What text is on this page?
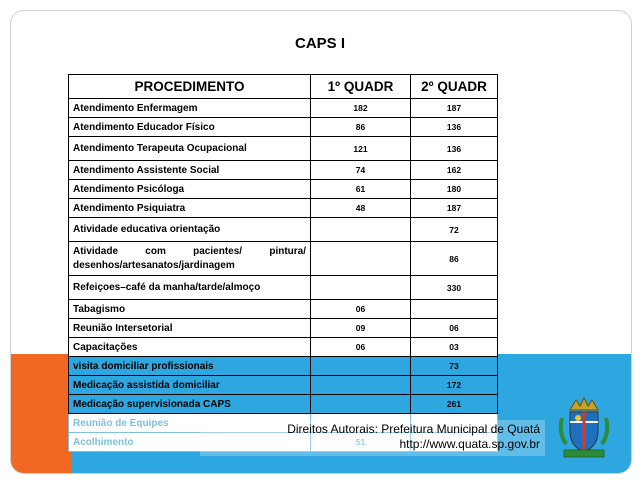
CAPS I
PROCEDIMENTO	1º QUADR	2º QUADR
Atendimento Enfermagem	182	187
Atendimento Educador Físico	86	136
Atendimento Terapeuta Ocupacional	121	136
Atendimento Assistente Social	74	162
Atendimento Psicóloga	61	180
Atendimento Psiquiatra	48	187
Atividade educativa orientação		72
Atividade com pacientes/ pintura/ desenhos/artesanatos/jardinagem		86
Refeiçoes–café da manha/tarde/almoço		330
Tabagismo	06	
Reunião Intersetorial	09	06
Capacitações	06	03
visita domiciliar profissionais		73
Medicação assistida domiciliar		172
Medicação supervisionada CAPS		261
Reunião de Equipes		
Acolhimento	51	
Direitos Autorais: Prefeitura Municipal de Quatá
http://www.quata.sp.gov.br
